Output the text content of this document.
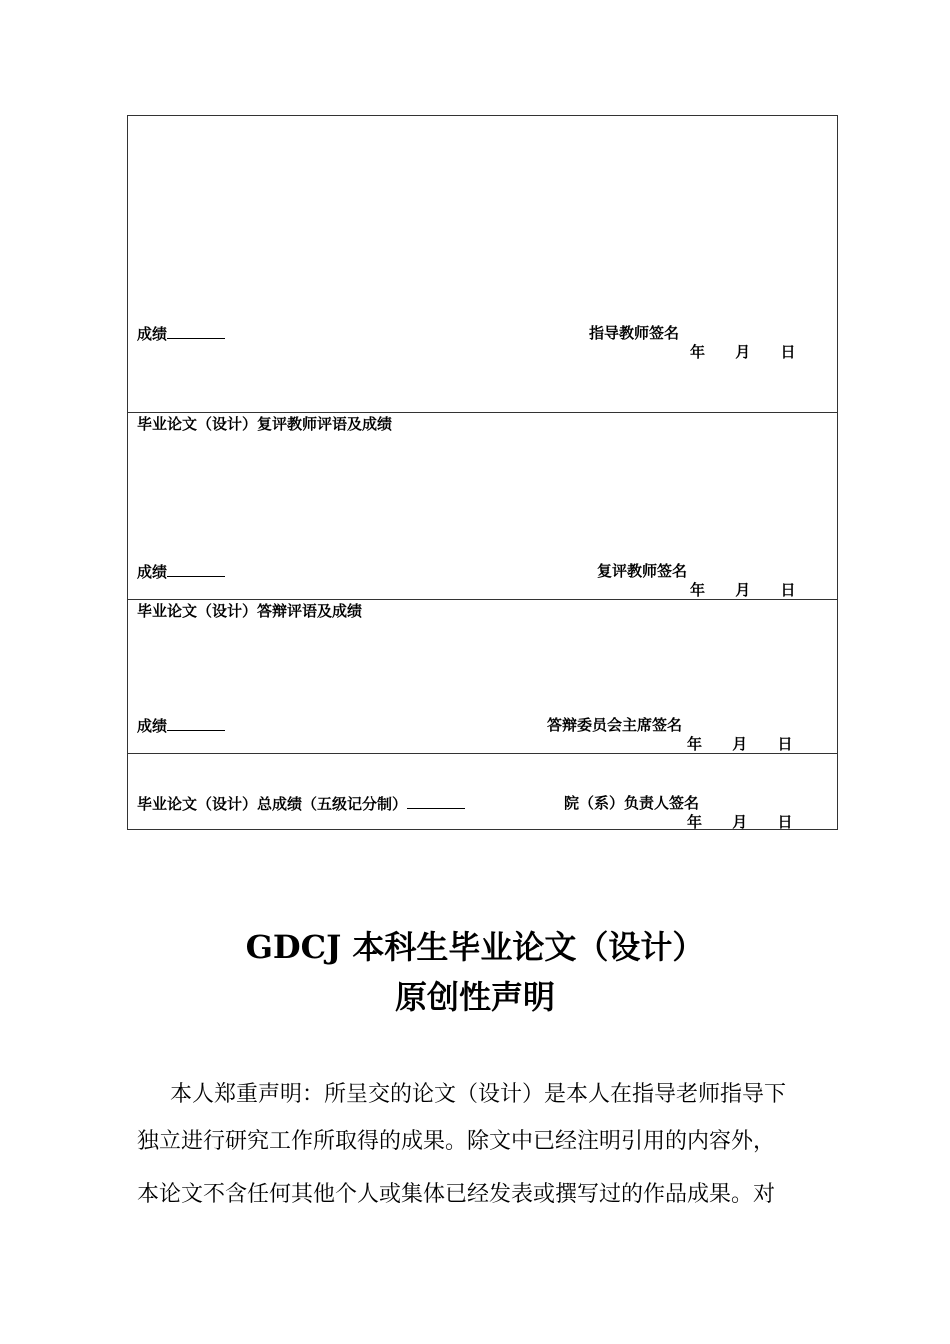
成绩	指导教师签名
年 月 日
毕业论文（设计）复评教师评语及成绩
成绩	复评教师签名
年 月 日
毕业论文（设计）答辩评语及成绩
成绩	答辩委员会主席签名
年 月 日
毕业论文（设计）总成绩（五级记分制）	院（系）负责人签名
年 月 日
GDCJ 本科生毕业论文（设计）
原创性声明
本人郑重声明：所呈交的论文（设计）是本人在指导老师指导下
独立进行研究工作所取得的成果。除文中已经注明引用的内容外，
本论文不含任何其他个人或集体已经发表或撰写过的作品成果。对
